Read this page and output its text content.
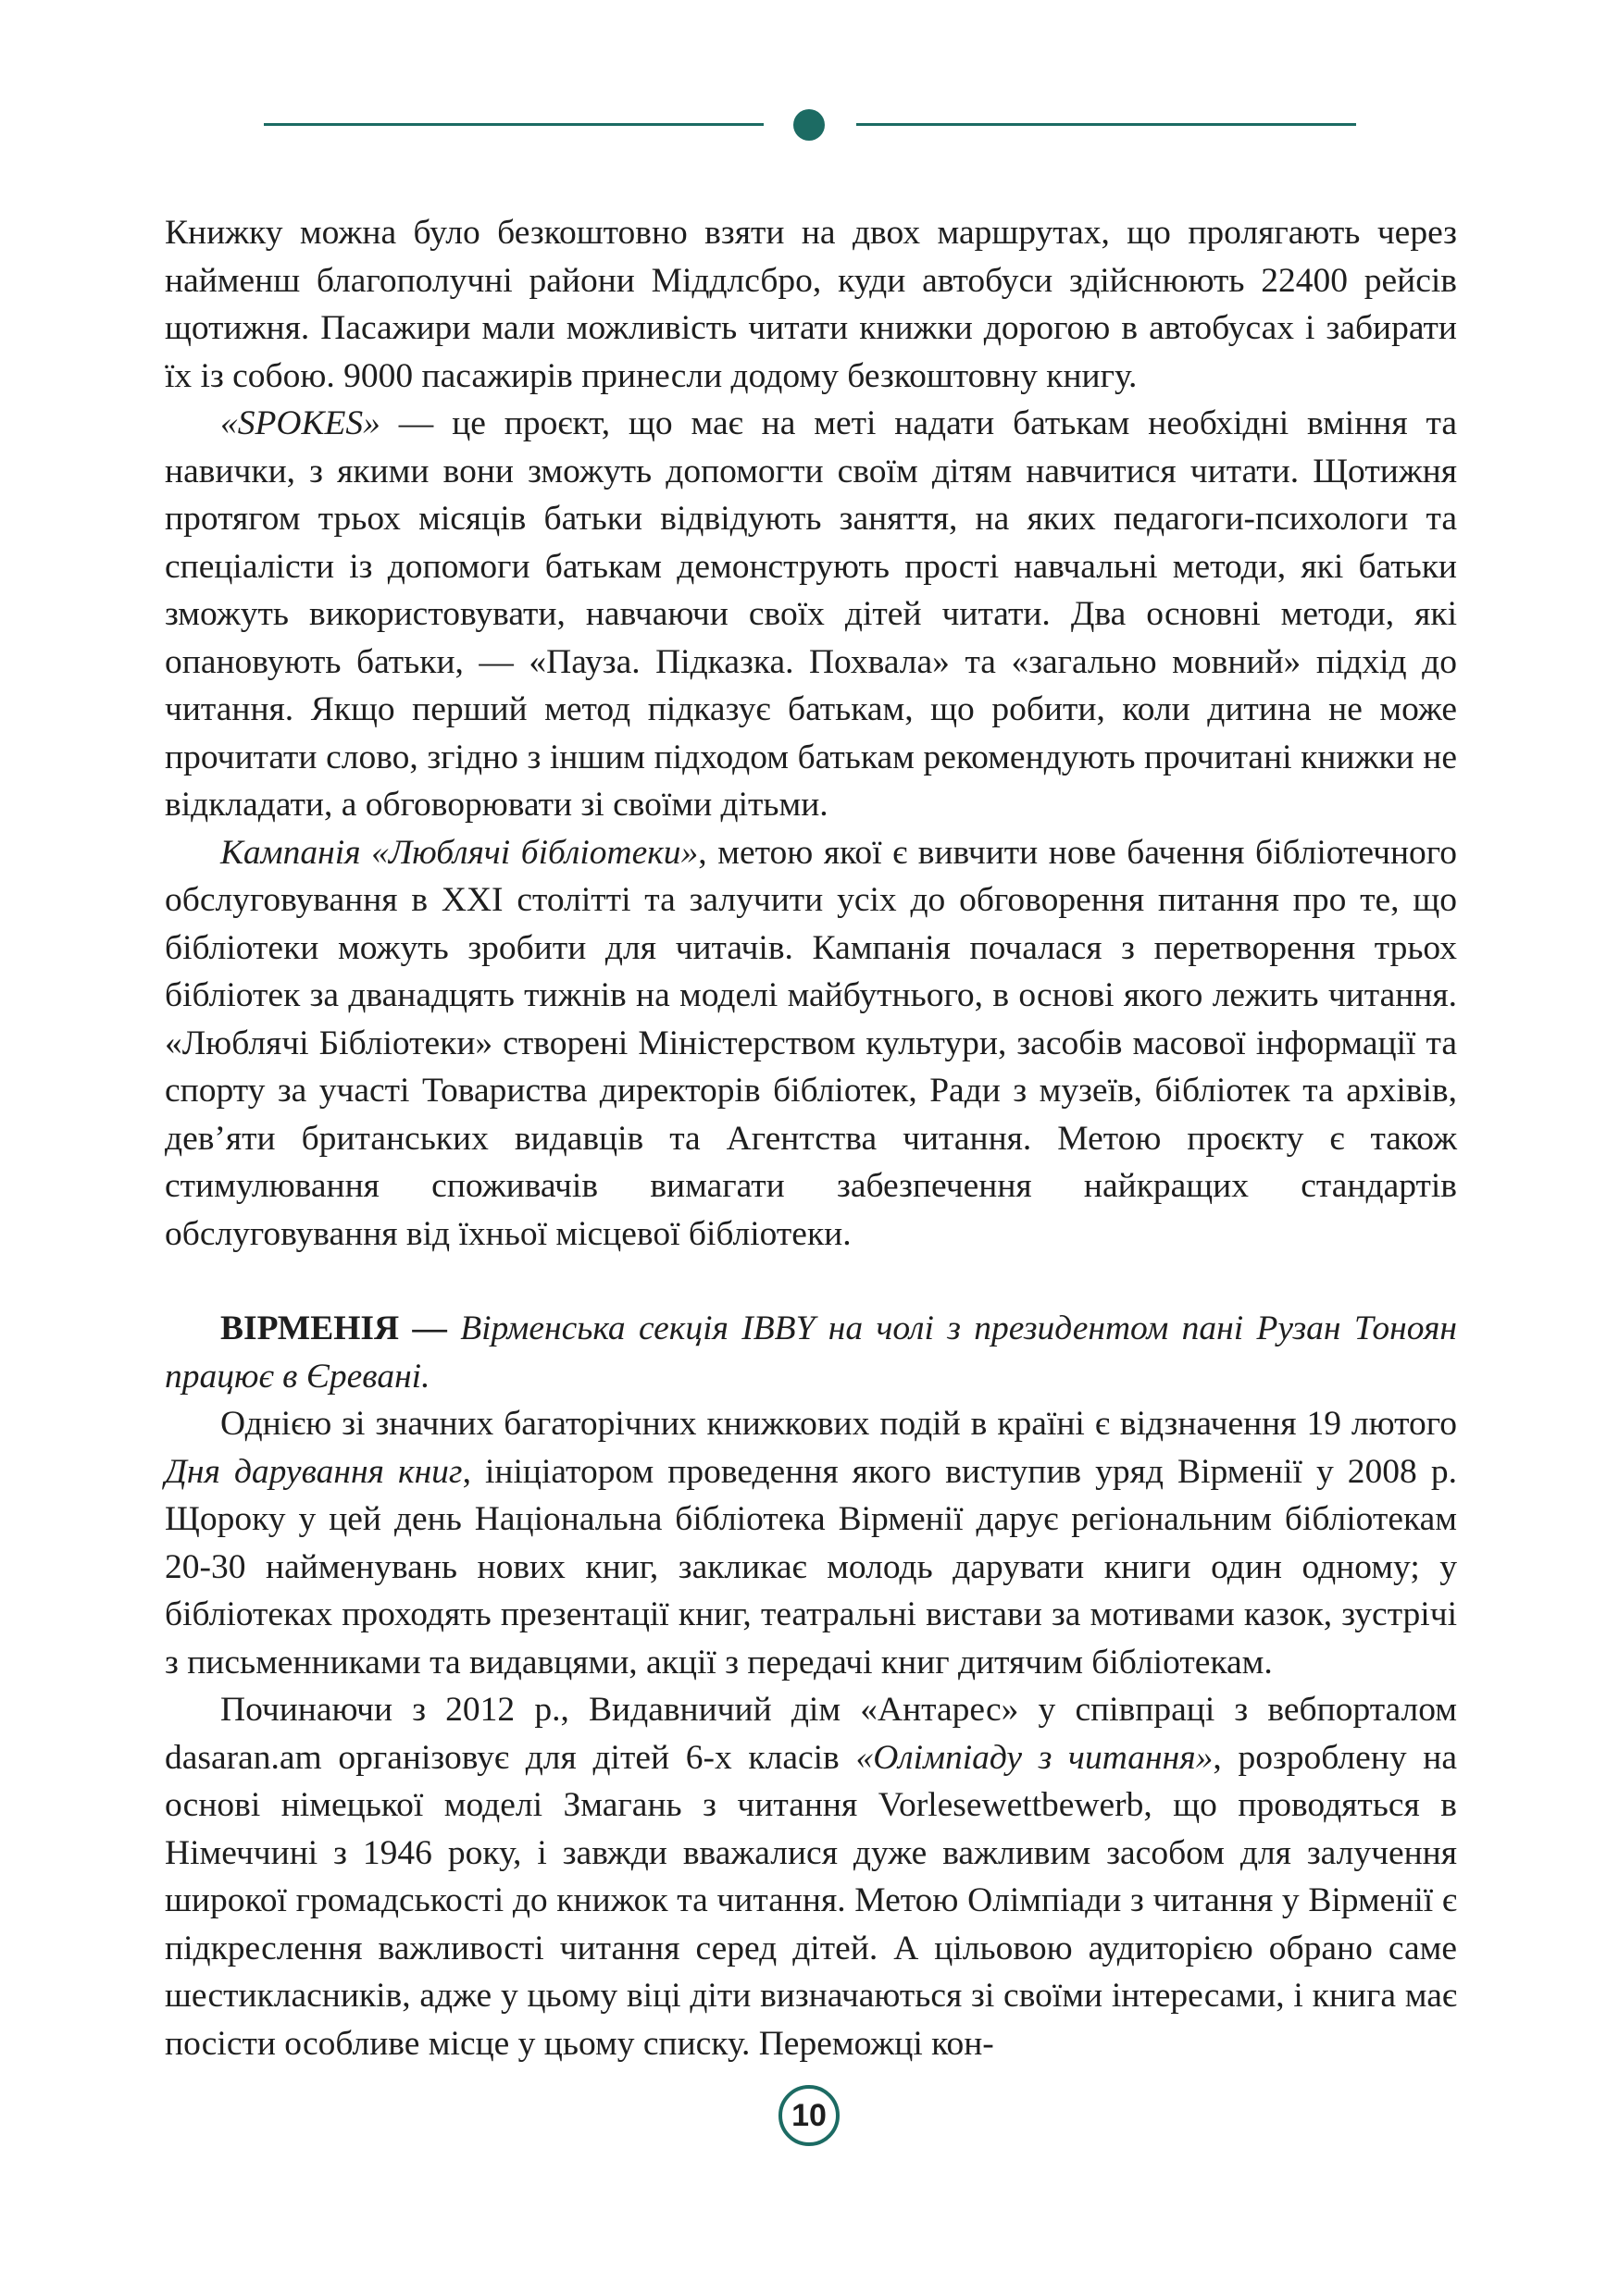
Книжку можна було безкоштовно взяти на двох маршрутах, що пролягають через найменш благополучні райони Міддлсбро, куди автобуси здійснюють 22400 рейсів щотижня. Пасажири мали можливість читати книжки дорогою в автобусах і забирати їх із собою. 9000 пасажирів принесли додому безкоштовну книгу.

«SPOKES» — це проєкт, що має на меті надати батькам необхідні вміння та навички, з якими вони зможуть допомогти своїм дітям навчитися читати. Щотижня протягом трьох місяців батьки відвідують заняття, на яких педагоги-психологи та спеціалісти із допомоги батькам демонструють прості навчальні методи, які батьки зможуть використовувати, навчаючи своїх дітей читати. Два основні методи, які опановують батьки, — «Пауза. Підказка. Похвала» та «загально мовний» підхід до читання. Якщо перший метод підказує батькам, що робити, коли дитина не може прочитати слово, згідно з іншим підходом батькам рекомендують прочитані книжки не відкладати, а обговорювати зі своїми дітьми.

Кампанія «Люблячі бібліотеки», метою якої є вивчити нове бачення бібліотечного обслуговування в XXI столітті та залучити усіх до обговорення питання про те, що бібліотеки можуть зробити для читачів. Кампанія почалася з перетворення трьох бібліотек за дванадцять тижнів на моделі майбутнього, в основі якого лежить читання. «Люблячі Бібліотеки» створені Міністерством культури, засобів масової інформації та спорту за участі Товариства директорів бібліотек, Ради з музеїв, бібліотек та архівів, дев’яти британських видавців та Агентства читання. Метою проєкту є також стимулювання споживачів вимагати забезпечення найкращих стандартів обслуговування від їхньої місцевої бібліотеки.

ВІРМЕНІЯ — Вірменська секція IBBY на чолі з президентом пані Рузан Тоноян працює в Єревані.

Однією зі значних багаторічних книжкових подій в країні є відзначення 19 лютого Дня дарування книг, ініціатором проведення якого виступив уряд Вірменії у 2008 р. Щороку у цей день Національна бібліотека Вірменії дарує регіональним бібліотекам 20-30 найменувань нових книг, закликає молодь дарувати книги один одному; у бібліотеках проходять презентації книг, театральні вистави за мотивами казок, зустрічі з письменниками та видавцями, акції з передачі книг дитячим бібліотекам.

Починаючи з 2012 р., Видавничий дім «Антарес» у співпраці з вебпорталом dasaran.am організовує для дітей 6-х класів «Олімпіаду з читання», розроблену на основі німецької моделі Змагань з читання Vorlesewettbewerb, що проводяться в Німеччині з 1946 року, і завжди вважалися дуже важливим засобом для залучення широкої громадськості до книжок та читання. Метою Олімпіади з читання у Вірменії є підкреслення важливості читання серед дітей. А цільовою аудиторією обрано саме шестикласників, адже у цьому віці діти визначаються зі своїми інтересами, і книга має посісти особливе місце у цьому списку. Переможці кон-

10
